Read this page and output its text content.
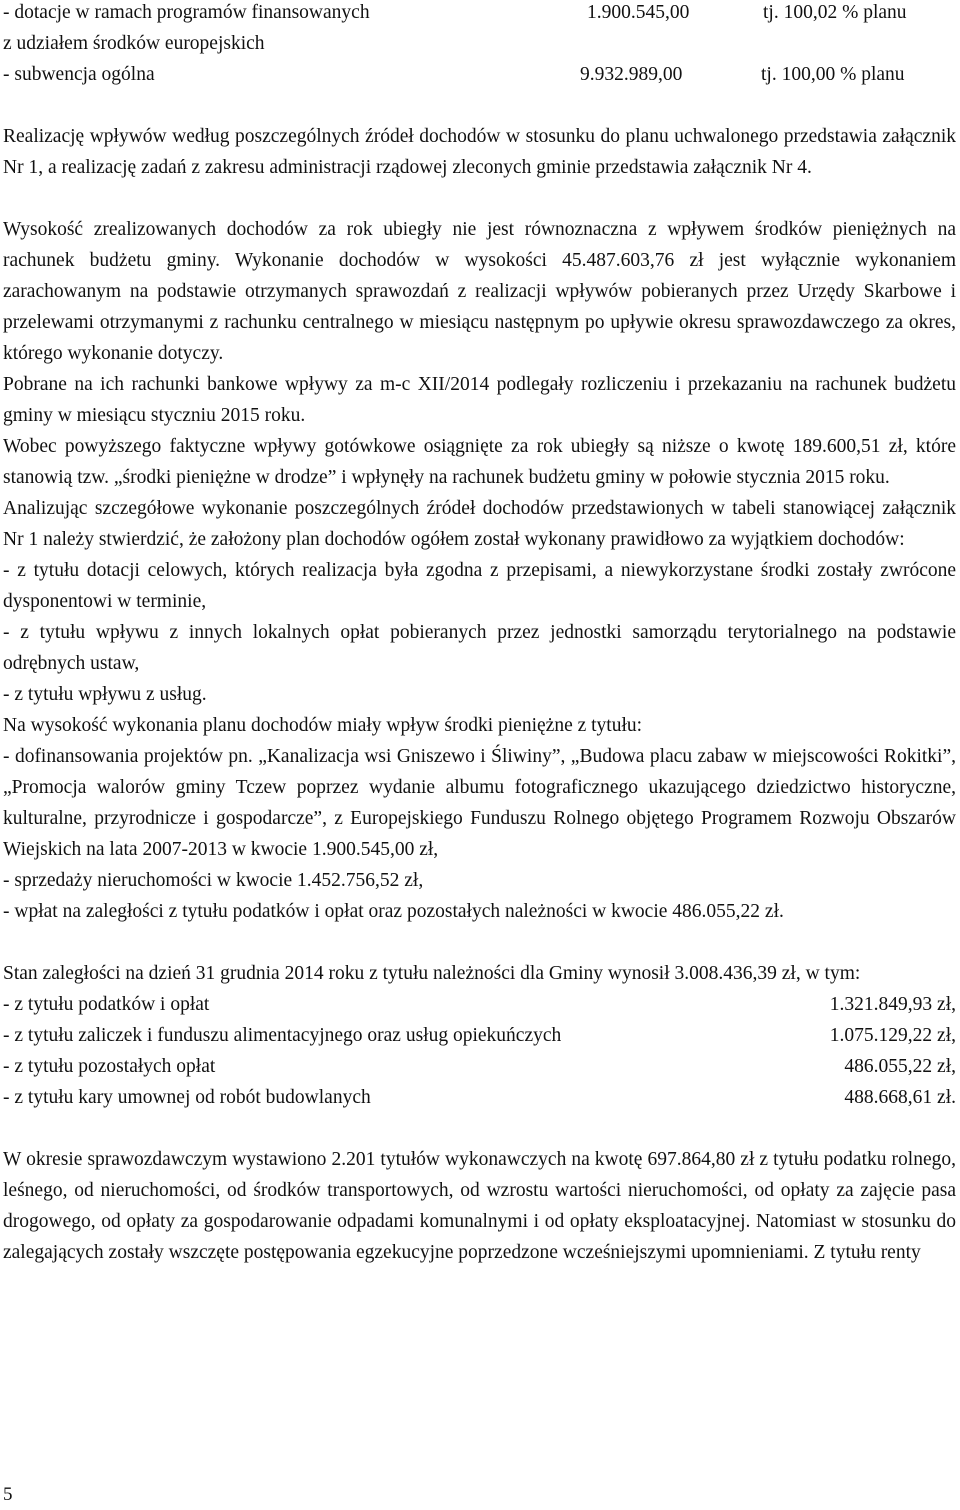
- dotacje w ramach programów finansowanych	1.900.545,00	tj. 100,02 % planu
z udziałem środków europejskich
- subwencja ogólna	9.932.989,00	tj. 100,00 % planu

Realizację wpływów według poszczególnych źródeł dochodów w stosunku do planu uchwalonego przedstawia załącznik Nr 1, a realizację zadań z zakresu administracji rządowej zleconych gminie przedstawia załącznik Nr 4.

Wysokość zrealizowanych dochodów za rok ubiegły nie jest równoznaczna z wpływem środków pieniężnych na rachunek budżetu gminy. Wykonanie dochodów w wysokości 45.487.603,76 zł jest wyłącznie wykonaniem zarachowanym na podstawie otrzymanych sprawozdań z realizacji wpływów pobieranych przez Urzędy Skarbowe i przelewami otrzymanymi z rachunku centralnego w miesiącu następnym po upływie okresu sprawozdawczego za okres, którego wykonanie dotyczy.

Pobrane na ich rachunki bankowe wpływy za m-c XII/2014 podlegały rozliczeniu i przekazaniu na rachunek budżetu gminy w miesiącu styczniu 2015 roku.

Wobec powyższego faktyczne wpływy gotówkowe osiągnięte za rok ubiegły są niższe o kwotę 189.600,51 zł, które stanowią tzw. „środki pieniężne w drodze” i wpłynęły na rachunek budżetu gminy w połowie stycznia 2015 roku.

Analizując szczegółowe wykonanie poszczególnych źródeł dochodów przedstawionych w tabeli stanowiącej załącznik Nr 1 należy stwierdzić, że założony plan dochodów ogółem został wykonany prawidłowo za wyjątkiem dochodów:

- z tytułu dotacji celowych, których realizacja była zgodna z przepisami, a niewykorzystane środki zostały zwrócone dysponentowi w terminie,

- z tytułu wpływu z innych lokalnych opłat pobieranych przez jednostki samorządu terytorialnego na podstawie odrębnych ustaw,

- z tytułu wpływu z usług.

Na wysokość wykonania planu dochodów miały wpływ środki pieniężne z tytułu:

- dofinansowania projektów pn. „Kanalizacja wsi Gniszewo i Śliwiny”, „Budowa placu zabaw w miejscowości Rokitki”, „Promocja walorów gminy Tczew poprzez wydanie albumu fotograficznego ukazującego dziedzictwo historyczne, kulturalne, przyrodnicze i gospodarcze”, z Europejskiego Funduszu Rolnego objętego Programem Rozwoju Obszarów Wiejskich na lata 2007-2013 w kwocie 1.900.545,00 zł,

- sprzedaży nieruchomości w kwocie 1.452.756,52 zł,

- wpłat na zaległości z tytułu podatków i opłat oraz pozostałych należności w kwocie 486.055,22 zł.

Stan zaległości na dzień 31 grudnia 2014 roku z tytułu należności dla Gminy wynosił 3.008.436,39 zł, w tym:

- z tytułu podatków i opłat	1.321.849,93 zł,
- z tytułu zaliczek i funduszu alimentacyjnego oraz usług opiekuńczych	1.075.129,22 zł,
- z tytułu pozostałych opłat	486.055,22 zł,
- z tytułu kary umownej od robót budowlanych	488.668,61 zł.

W okresie sprawozdawczym wystawiono 2.201 tytułów wykonawczych na kwotę 697.864,80 zł z tytułu podatku rolnego, leśnego, od nieruchomości, od środków transportowych, od wzrostu wartości nieruchomości, od opłaty za zajęcie pasa drogowego, od opłaty za gospodarowanie odpadami komunalnymi i od opłaty eksploatacyjnej. Natomiast w stosunku do zalegających zostały wszczęte postępowania egzekucyjne poprzedzone wcześniejszymi upomnieniami. Z tytułu renty

5
